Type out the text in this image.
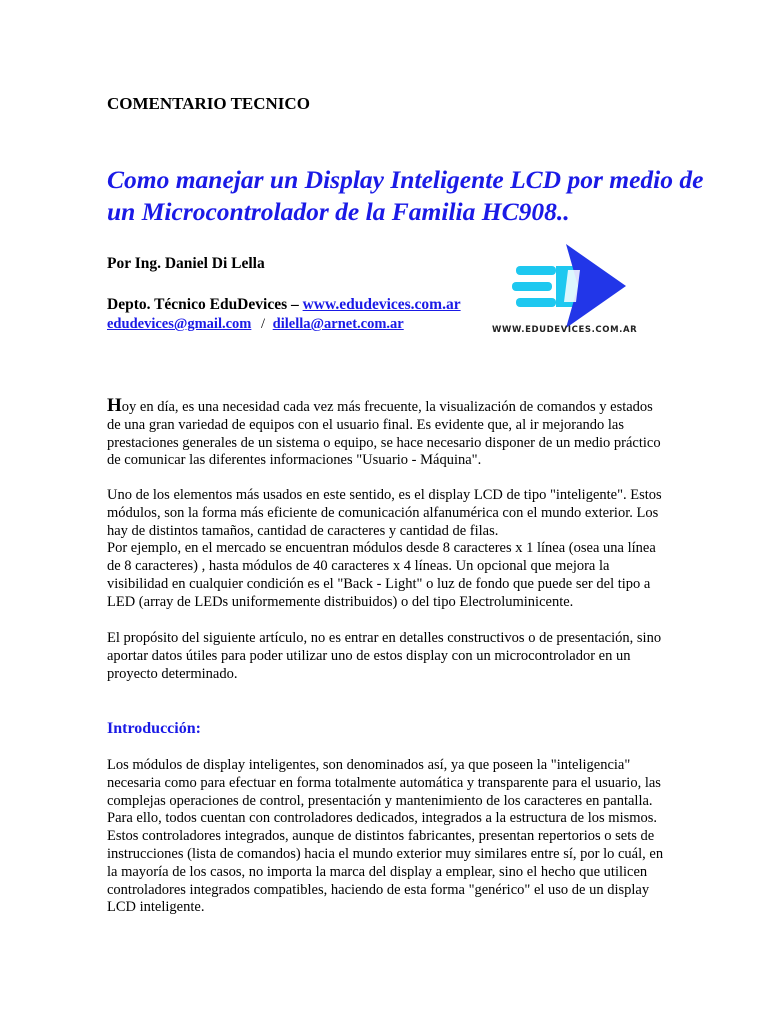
COMENTARIO TECNICO
Como manejar un Display Inteligente LCD por medio de un Microcontrolador de la Familia HC908..
Por Ing. Daniel Di Lella
Depto. Técnico EduDevices – www.edudevices.com.ar
edudevices@gmail.com / dilella@arnet.com.ar	WWW.EDUDEVICES.COM.AR
Hoy en día, es una necesidad cada vez más frecuente, la visualización de comandos y estados de una gran variedad de equipos con el usuario final. Es evidente que, al ir mejorando las prestaciones generales de un sistema o equipo, se hace necesario disponer de un medio práctico de comunicar las diferentes informaciones "Usuario - Máquina".
Uno de los elementos más usados en este sentido, es el display LCD de tipo "inteligente". Estos módulos, son la forma más eficiente de comunicación alfanumérica con el mundo exterior. Los hay de distintos tamaños, cantidad de caracteres y cantidad de filas.
Por ejemplo, en el mercado se encuentran módulos desde 8 caracteres x 1 línea (osea una línea de 8 caracteres) , hasta módulos de 40 caracteres x 4 líneas. Un opcional que mejora la visibilidad en cualquier condición es el "Back - Light" o luz de fondo que puede ser del tipo a LED (array de LEDs uniformemente distribuidos) o del tipo Electroluminicente.
El propósito del siguiente artículo, no es entrar en detalles constructivos o de presentación, sino aportar datos útiles para poder utilizar uno de estos display con un microcontrolador en un proyecto determinado.
Introducción:
Los módulos de display inteligentes, son denominados así, ya que poseen la "inteligencia" necesaria como para efectuar en forma totalmente automática y transparente para el usuario, las complejas operaciones de control, presentación y mantenimiento de los caracteres en pantalla. Para ello, todos cuentan con controladores dedicados, integrados a la estructura de los mismos. Estos controladores integrados, aunque de distintos fabricantes, presentan repertorios o sets de instrucciones (lista de comandos) hacia el mundo exterior muy similares entre sí, por lo cuál, en la mayoría de los casos, no importa la marca del display a emplear, sino el hecho que utilicen controladores integrados compatibles, haciendo de esta forma "genérico" el uso de un display LCD inteligente.
